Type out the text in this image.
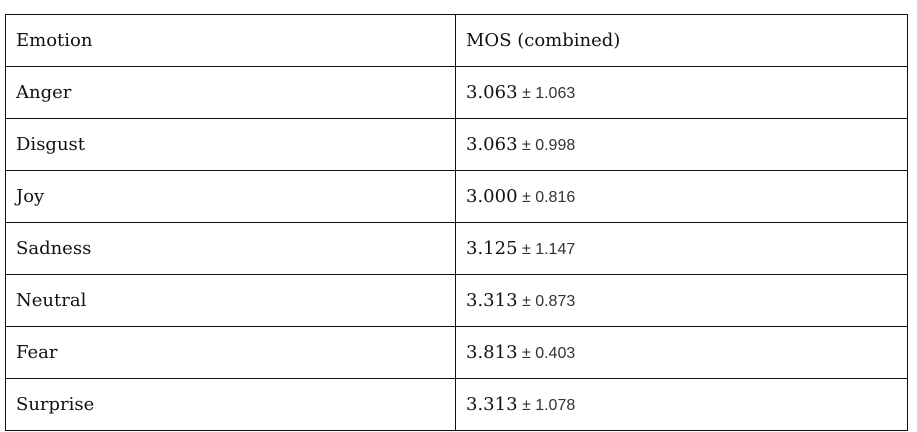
Emotion	MOS (combined)
Anger	3.063 ± 1.063
Disgust	3.063 ± 0.998
Joy	3.000 ± 0.816
Sadness	3.125 ± 1.147
Neutral	3.313 ± 0.873
Fear	3.813 ± 0.403
Surprise	3.313 ± 1.078
